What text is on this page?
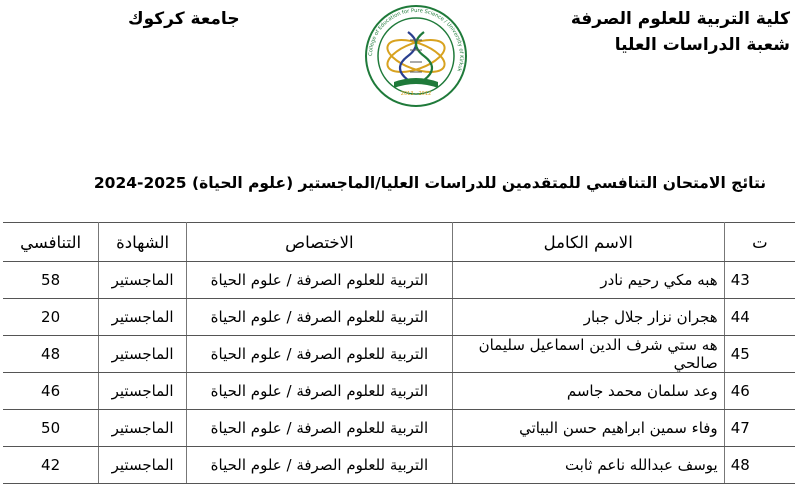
كلية التربية للعلوم الصرفة
شعبة الدراسات العليا
جامعة كركوك
College of Education for Pure Science / University of Kirkuk
2013 - 2012
نتائج الامتحان التنافسي للمتقدمين للدراسات العليا/الماجستير (علوم الحياة) 2025-2024
ت	الاسم الكامل	الاختصاص	الشهادة	التنافسي
43	هبه مكي رحيم نادر	التربية للعلوم الصرفة / علوم الحياة	الماجستير	58
44	هجران نزار جلال جبار	التربية للعلوم الصرفة / علوم الحياة	الماجستير	20
45	هه ستي شرف الدين اسماعيل سليمان صالحي	التربية للعلوم الصرفة / علوم الحياة	الماجستير	48
46	وعد سلمان محمد جاسم	التربية للعلوم الصرفة / علوم الحياة	الماجستير	46
47	وفاء سمين ابراهيم حسن البياتي	التربية للعلوم الصرفة / علوم الحياة	الماجستير	50
48	يوسف عبدالله ناعم ثابت	التربية للعلوم الصرفة / علوم الحياة	الماجستير	42
